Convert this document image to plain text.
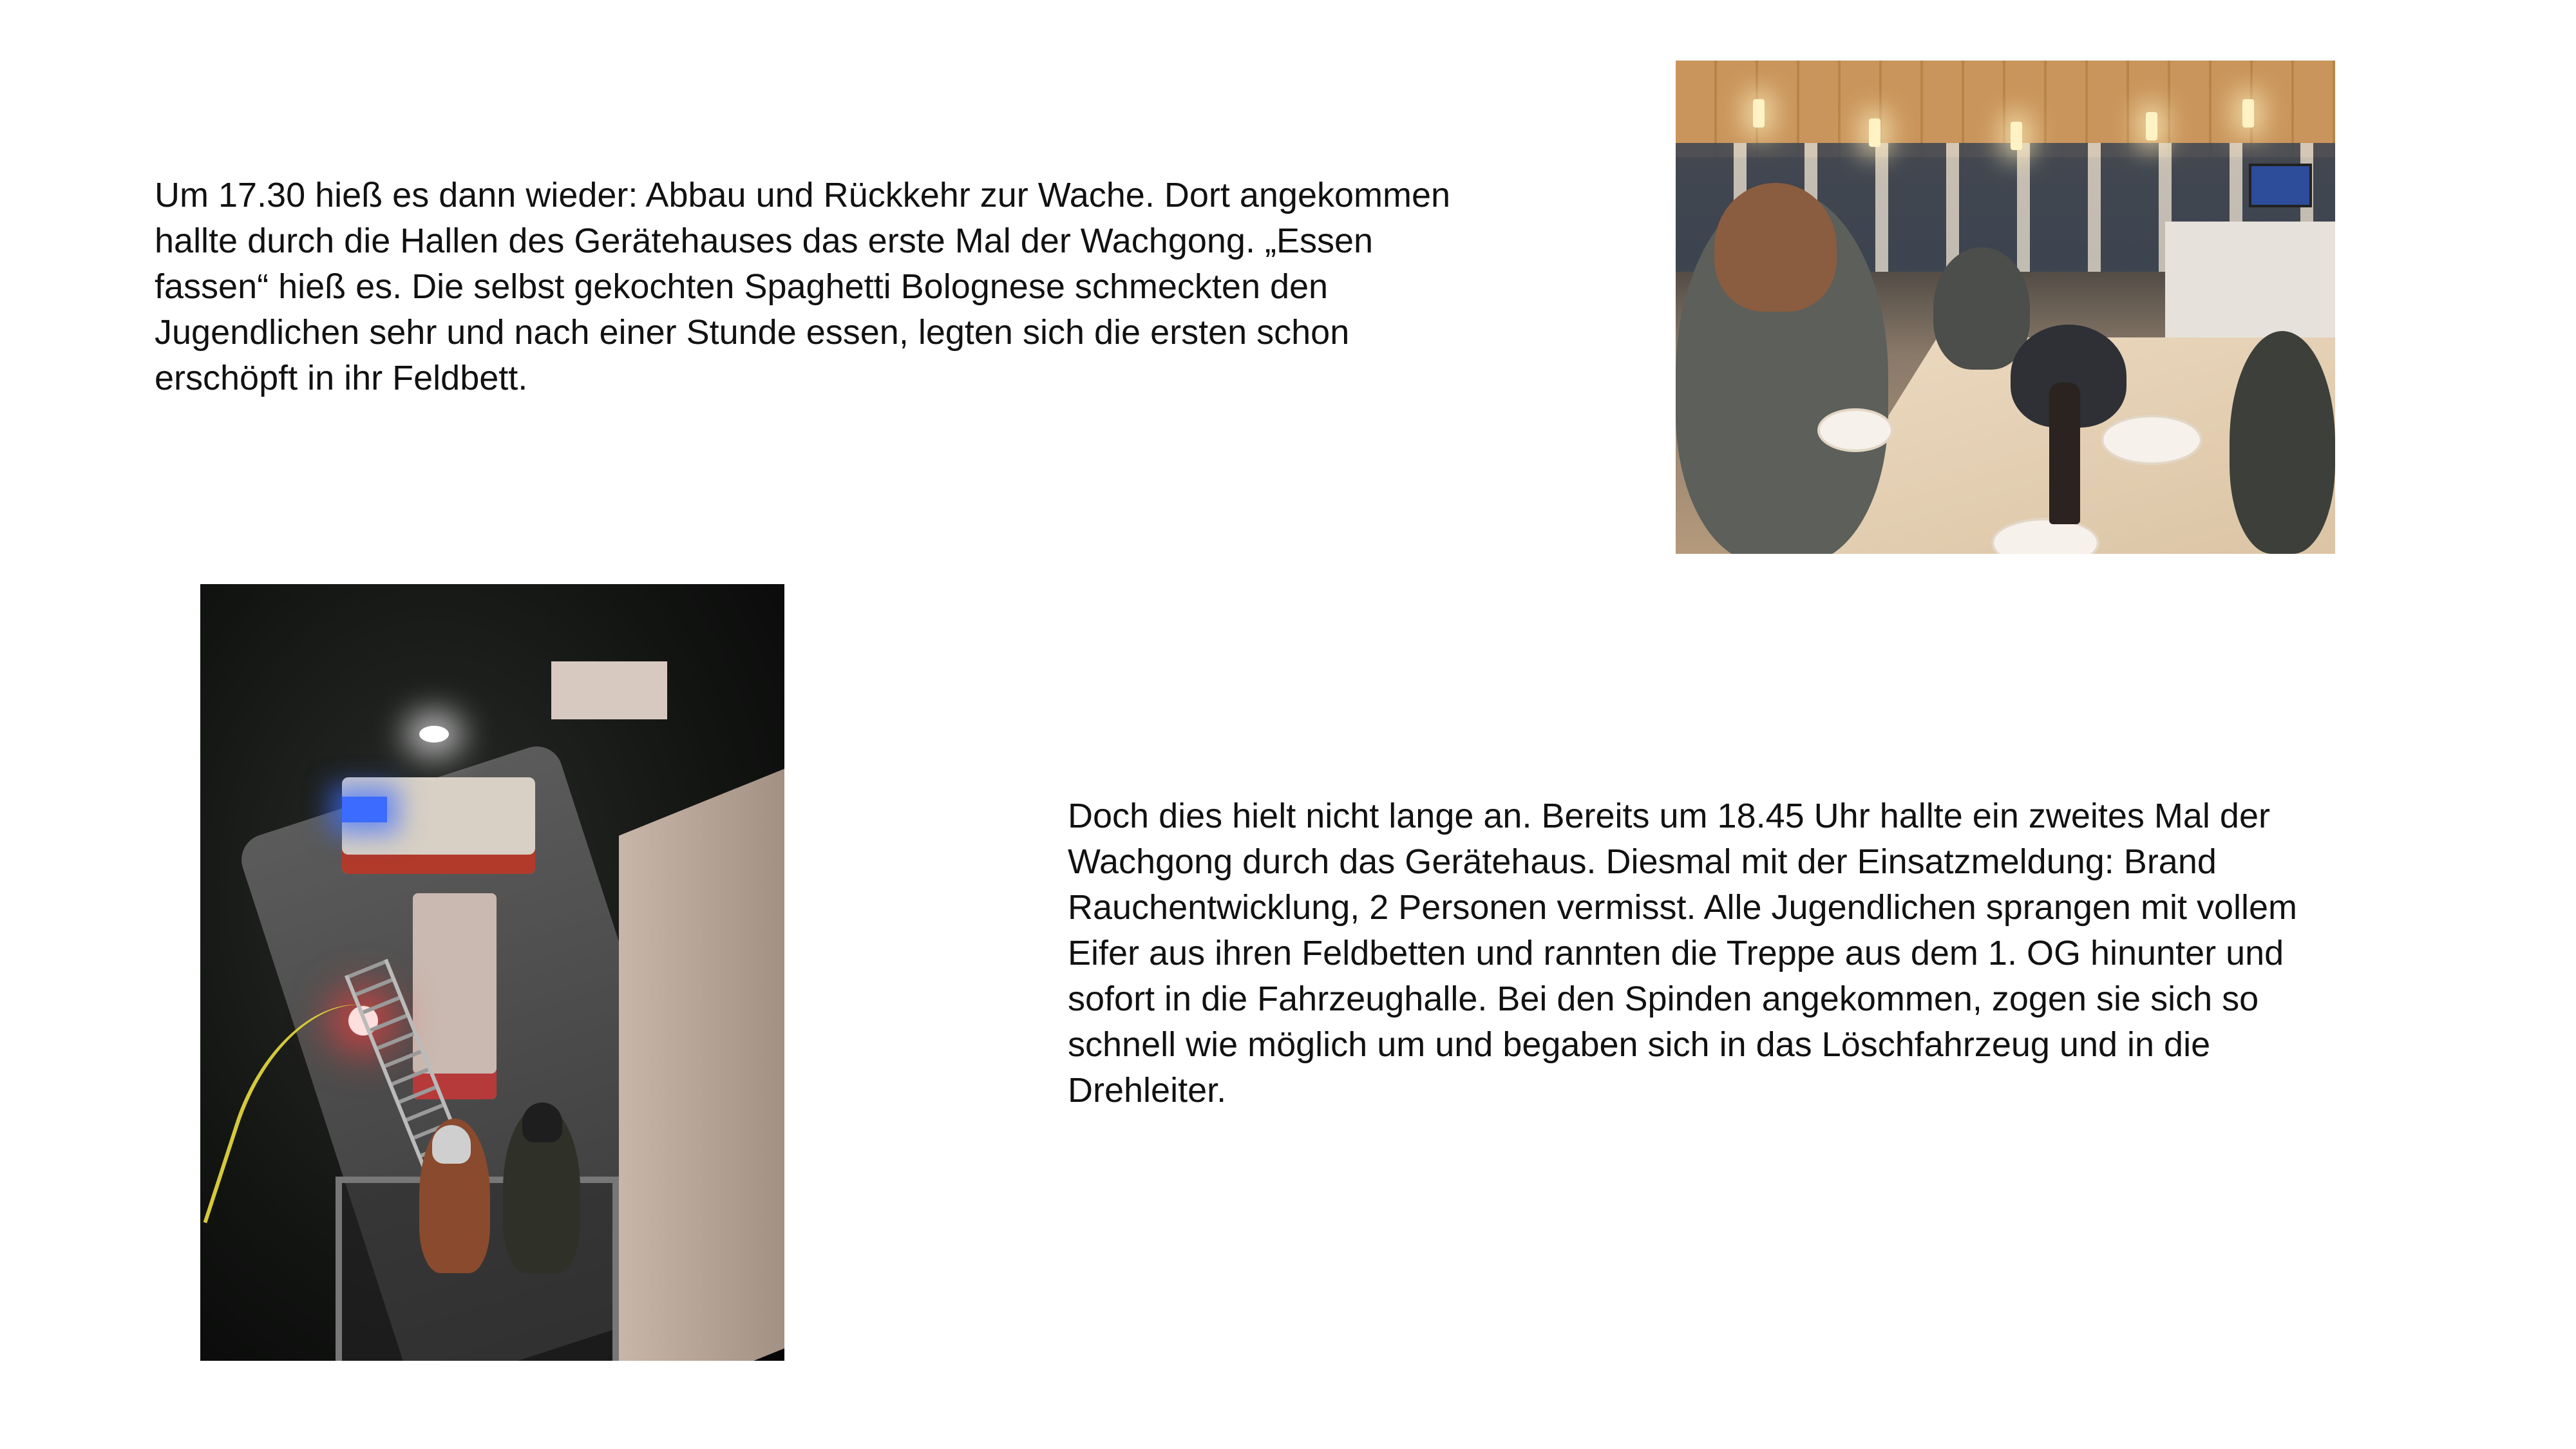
Um 17.30 hieß es dann wieder: Abbau und Rückkehr zur Wache. Dort angekommen
hallte durch die Hallen des Gerätehauses das erste Mal der Wachgong. „Essen
fassen“ hieß es. Die selbst gekochten Spaghetti Bolognese schmeckten den
Jugendlichen sehr und nach einer Stunde essen, legten sich die ersten schon
erschöpft in ihr Feldbett.

Doch dies hielt nicht lange an. Bereits um 18.45 Uhr hallte ein zweites Mal der
Wachgong durch das Gerätehaus. Diesmal mit der Einsatzmeldung: Brand
Rauchentwicklung, 2 Personen vermisst. Alle Jugendlichen sprangen mit vollem
Eifer aus ihren Feldbetten und rannten die Treppe aus dem 1. OG hinunter und
sofort in die Fahrzeughalle. Bei den Spinden angekommen, zogen sie sich so
schnell wie möglich um und begaben sich in das Löschfahrzeug und in die
Drehleiter.
